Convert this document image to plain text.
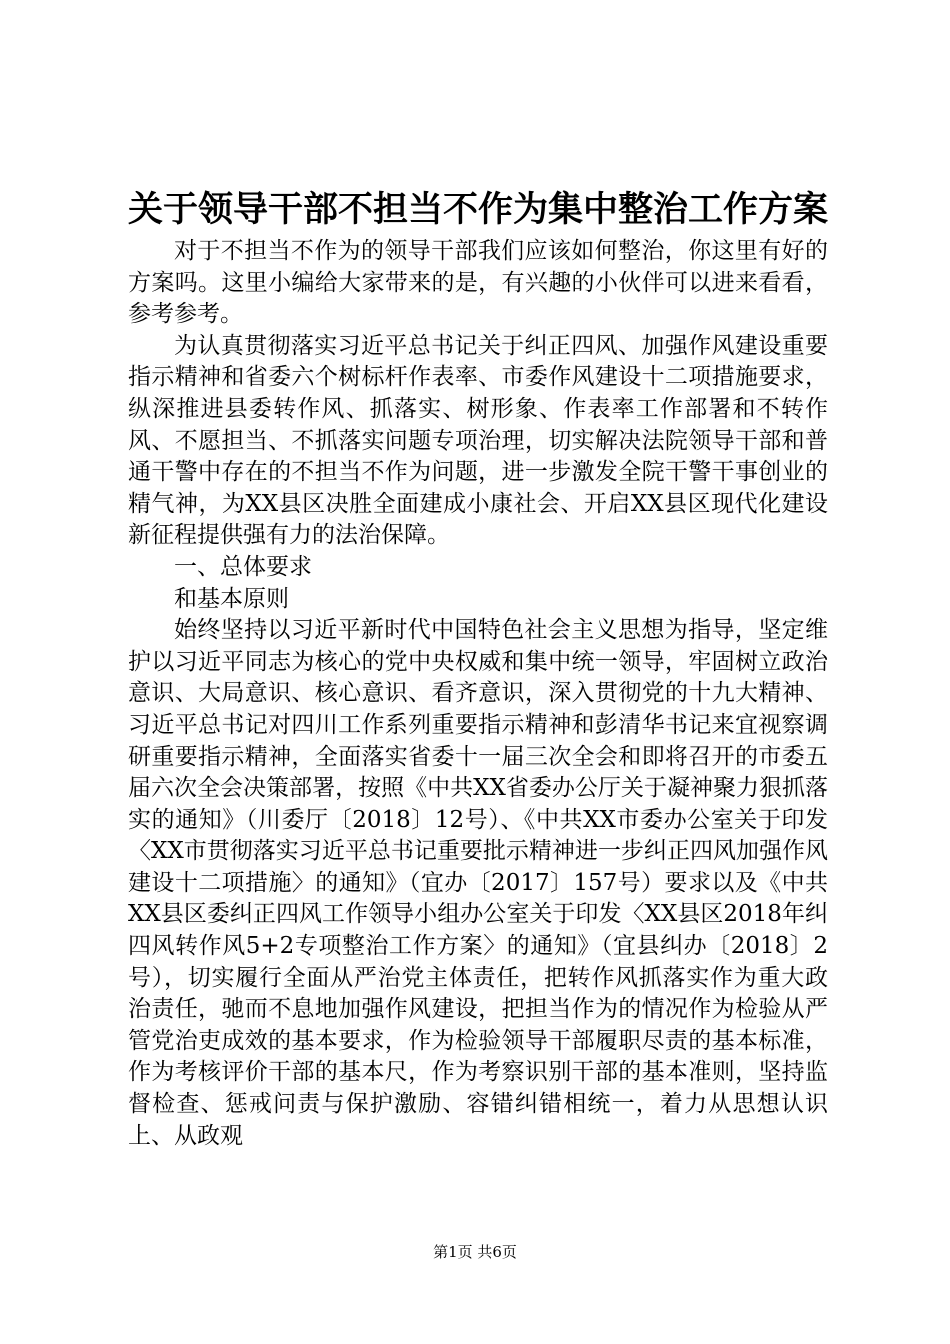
关于领导干部不担当不作为集中整治工作方案

对于不担当不作为的领导干部我们应该如何整治，你这里有好的方案吗。这里小编给大家带来的是，有兴趣的小伙伴可以进来看看，参考参考。

为认真贯彻落实习近平总书记关于纠正四风、加强作风建设重要指示精神和省委六个树标杆作表率、市委作风建设十二项措施要求，纵深推进县委转作风、抓落实、树形象、作表率工作部署和不转作风、不愿担当、不抓落实问题专项治理，切实解决法院领导干部和普通干警中存在的不担当不作为问题，进一步激发全院干警干事创业的精气神，为XX县区决胜全面建成小康社会、开启XX县区现代化建设新征程提供强有力的法治保障。

一、总体要求

和基本原则

始终坚持以习近平新时代中国特色社会主义思想为指导，坚定维护以习近平同志为核心的党中央权威和集中统一领导，牢固树立政治意识、大局意识、核心意识、看齐意识，深入贯彻党的十九大精神、习近平总书记对四川工作系列重要指示精神和彭清华书记来宜视察调研重要指示精神，全面落实省委十一届三次全会和即将召开的市委五届六次全会决策部署，按照《中共XX省委办公厅关于凝神聚力狠抓落实的通知》（川委厅〔2018〕12号）、《中共XX市委办公室关于印发〈XX市贯彻落实习近平总书记重要批示精神进一步纠正四风加强作风建设十二项措施〉的通知》（宜办〔2017〕157号）要求以及《中共XX县区委纠正四风工作领导小组办公室关于印发〈XX县区2018年纠四风转作风5+2专项整治工作方案〉的通知》（宜县纠办〔2018〕2号），切实履行全面从严治党主体责任，把转作风抓落实作为重大政治责任，驰而不息地加强作风建设，把担当作为的情况作为检验从严管党治吏成效的基本要求，作为检验领导干部履职尽责的基本标准，作为考核评价干部的基本尺，作为考察识别干部的基本准则，坚持监督检查、惩戒问责与保护激励、容错纠错相统一，着力从思想认识上、从政观

第1页 共6页
